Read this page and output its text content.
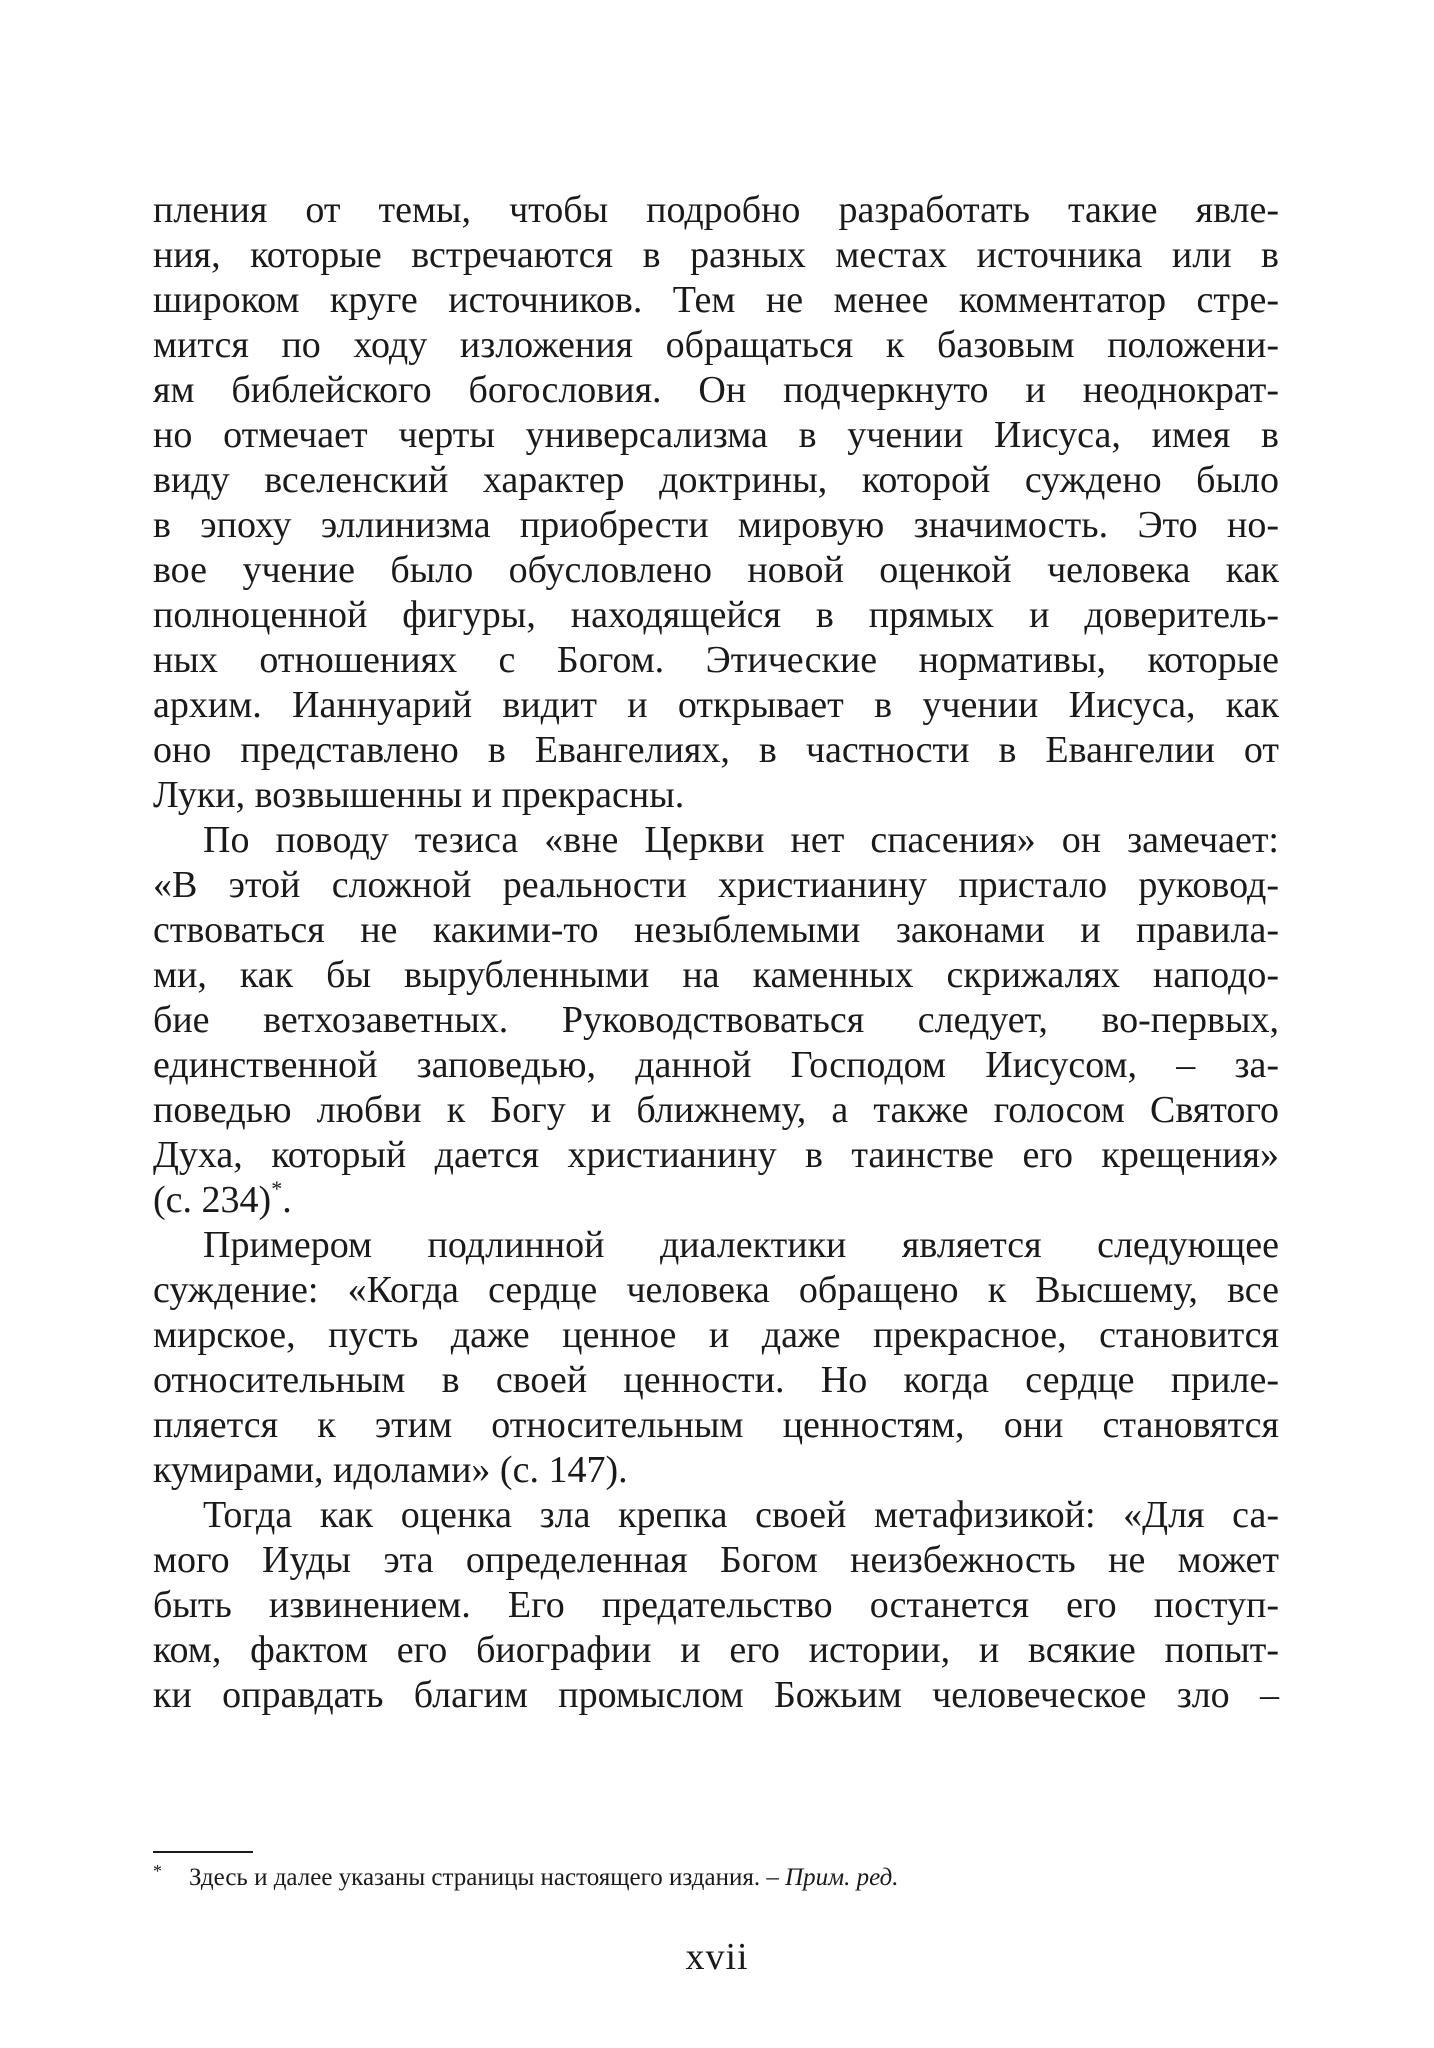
пления от темы, чтобы подробно разработать такие явле-
ния, которые встречаются в разных местах источника или в
широком круге источников. Тем не менее комментатор стре-
мится по ходу изложения обращаться к базовым положени-
ям библейского богословия. Он подчеркнуто и неоднократ-
но отмечает черты универсализма в учении Иисуса, имея в
виду вселенский характер доктрины, которой суждено было
в эпоху эллинизма приобрести мировую значимость. Это но-
вое учение было обусловлено новой оценкой человека как
полноценной фигуры, находящейся в прямых и доверитель-
ных отношениях с Богом. Этические нормативы, которые
архим. Ианнуарий видит и открывает в учении Иисуса, как
оно представлено в Евангелиях, в частности в Евангелии от
Луки, возвышенны и прекрасны.
По поводу тезиса «вне Церкви нет спасения» он замечает:
«В этой сложной реальности христианину пристало руковод-
ствоваться не какими-то незыблемыми законами и правила-
ми, как бы вырубленными на каменных скрижалях наподо-
бие ветхозаветных. Руководствоваться следует, во-первых,
единственной заповедью, данной Господом Иисусом, – за-
поведью любви к Богу и ближнему, а также голосом Святого
Духа, который дается христианину в таинстве его крещения»
(с. 234)*.
Примером подлинной диалектики является следующее
суждение: «Когда сердце человека обращено к Высшему, все
мирское, пусть даже ценное и даже прекрасное, становится
относительным в своей ценности. Но когда сердце прилe-
пляется к этим относительным ценностям, они становятся
кумирами, идолами» (с. 147).
Тогда как оценка зла крепка своей метафизикой: «Для са-
мого Иуды эта определенная Богом неизбежность не может
быть извинением. Его предательство останется его поступ-
ком, фактом его биографии и его истории, и всякие попыт-
ки оправдать благим промыслом Божьим человеческое зло –
* Здесь и далее указаны страницы настоящего издания. – Прим. ред.
xvii
